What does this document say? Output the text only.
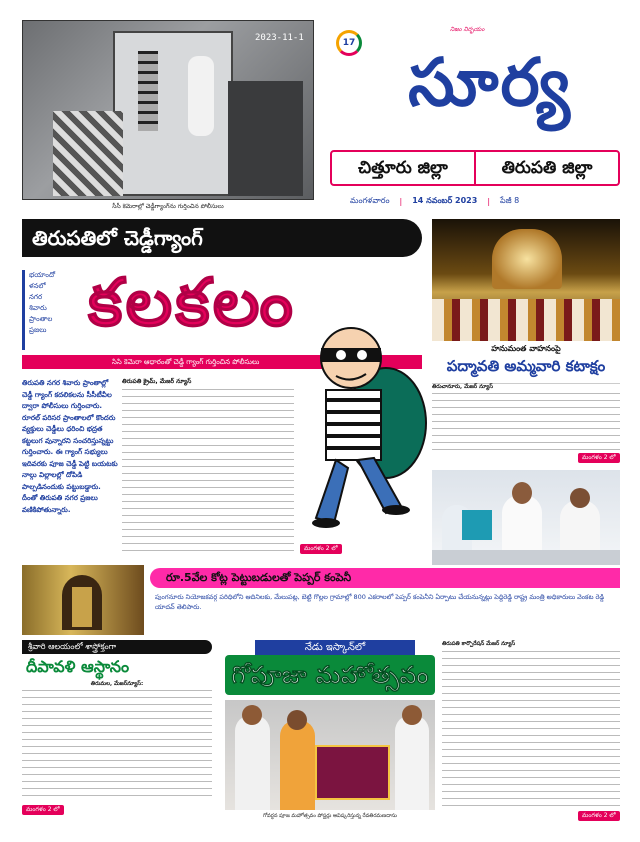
2023-11-1
సీసీ కెమెరాల్లో చెడ్డీగ్యాంగ్‌ను గుర్తించిన పోలీసులు
17
నిజం నిర్భయం
సూర్య
చిత్తూరు జిల్లా	తిరుపతి జిల్లా
మంగళవారం | 14 నవంబర్ 2023 | పేజీ 8
తిరుపతిలో చెడ్డీగ్యాంగ్
భయాందో
ళనలో
నగర
శివారు
ప్రాంతాల
ప్రజలు కలకలం
సిసి కెమెరా ఆధారంతో చెడ్డీ గ్యాంగ్ గుర్తించిన పోలీసులు
తిరుపతి నగర శివారు ప్రాంతాల్లో చెడ్డీ గ్యాంగ్ కదలికలను సీసీటీవీల ద్వారా పోలీసులు గుర్తించారు. రూరల్ పరిసర ప్రాంతాలలో కొందరు వ్యక్తులు చెడ్డీలు ధరించి భద్రత కట్టలుగ వున్నారని సంచరిస్తున్నట్టు గుర్తించారు. ఈ గ్యాంగ్ సభ్యులు ఇదివరకు పూజ చెడ్డీ పెట్టి బయటకు నాల్గు విల్లాలల్లో దోపిడి పాల్పడినందుకు పట్టుబడ్డారు. దీంతో తిరుపతి నగర ప్రజలు వణికిపోతున్నారు.
తిరుపతి క్రైమ్, మేజర్ న్యూస్
మంగళం 2 లో
హనుమంత వాహనంపై
పద్మావతి అమ్మవారి కటాక్షం
తిరుచానూరు, మేజర్ న్యూస్
మంగళం 2 లో
రూ.5వేల కోట్ల పెట్టుబడులతో పెప్పర్ కంపెనీ
పుంగనూరు నియోజకవర్గ పరిధిలోని ఆదినిలకు, మేలుపట్ల, బెట్టి గొల్లల గ్రామాల్లో 800 ఎకరాలలో పెప్పర్ కంపెనీని ఏర్పాటు చేయనున్నట్లు పెద్దిరెడ్డి రాష్ట్ర మంత్రి అధికారులు వెంకట రెడ్డి యాదవ్ తెలిపారు.
శ్రీవారి ఆలయంలో శాస్త్రోక్తంగా
దీపావళి ఆస్థానం
తిరుమల, మేజర్‌న్యూస్:
మంగళం 2 లో
నేడు ఇస్కాన్‌లో
గోపూజా మహోత్సవం
గోవర్ధన పూజ మహోత్సవం పోస్టర్లు ఆవిష్కరిస్తున్న రేవతిరమణదాసు
తిరుపతి కార్పొరేషన్ మేజర్ న్యూస్
మంగళం 2 లో
